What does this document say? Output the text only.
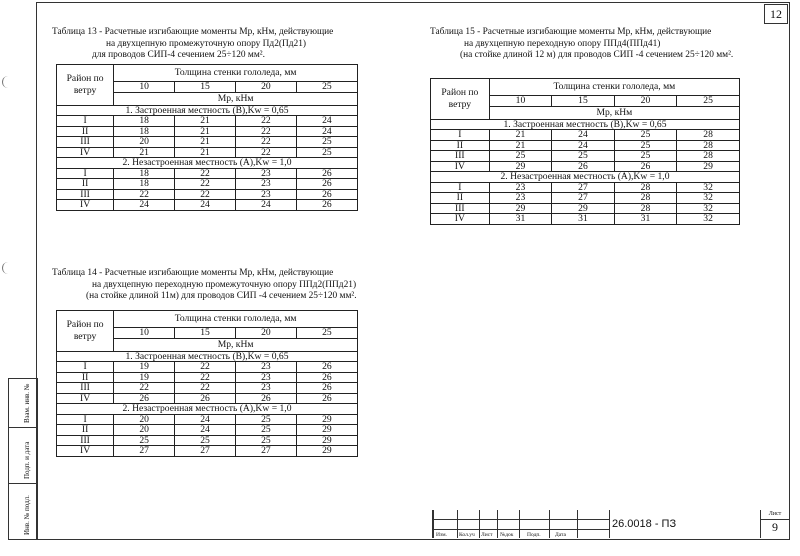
12
Таблица 13 - Расчетные изгибающие моменты Мр, кНм, действующие
на двухцепную промежуточную опору Пд2(Пд21)
для проводов СИП-4 сечением 25÷120 мм².
Район по ветру	Толщина стенки гололеда, мм			
	10	15	20	25
	Мр, кНм			
1. Застроенная местность (В),Kw = 0,65				
I	18	21	22	24
II	18	21	22	24
III	20	21	22	25
IV	21	21	22	25
2. Незастроенная местность (А),Kw = 1,0				
I	18	22	23	26
II	18	22	23	26
III	22	22	23	26
IV	24	24	24	26
Таблица 14 - Расчетные изгибающие моменты Мр, кНм, действующие
на двухцепную переходную промежуточную опору ППд2(ППд21)
(на стойке длиной 11м) для проводов СИП -4 сечением 25÷120 мм².
Район по ветру	Толщина стенки гололеда, мм			
	10	15	20	25
	Мр, кНм			
1. Застроенная местность (В),Kw = 0,65				
I	19	22	23	26
II	19	22	23	26
III	22	22	23	26
IV	26	26	26	26
2. Незастроенная местность (А),Kw = 1,0				
I	20	24	25	29
II	20	24	25	29
III	25	25	25	29
IV	27	27	27	29
Таблица 15 - Расчетные изгибающие моменты Мр, кНм, действующие
на двухцепную переходную опору ППд4(ППд41)
(на стойке длиной 12 м) для проводов СИП -4 сечением 25÷120 мм².
Район по ветру	Толщина стенки гололеда, мм			
	10	15	20	25
	Мр, кНм			
1. Застроенная местность (В),Kw = 0,65				
I	21	24	25	28
II	21	24	25	28
III	25	25	25	28
IV	29	26	26	29
2. Незастроенная местность (А),Kw = 1,0				
I	23	27	28	32
II	23	27	28	32
III	29	29	28	32
IV	31	31	31	32
Взам. инв. №
Подп. и дата
Инв. № подл.	Изм. Кол.уч Лист №док Подп.	Дата
26.0018 - ПЗ
Лист
9
